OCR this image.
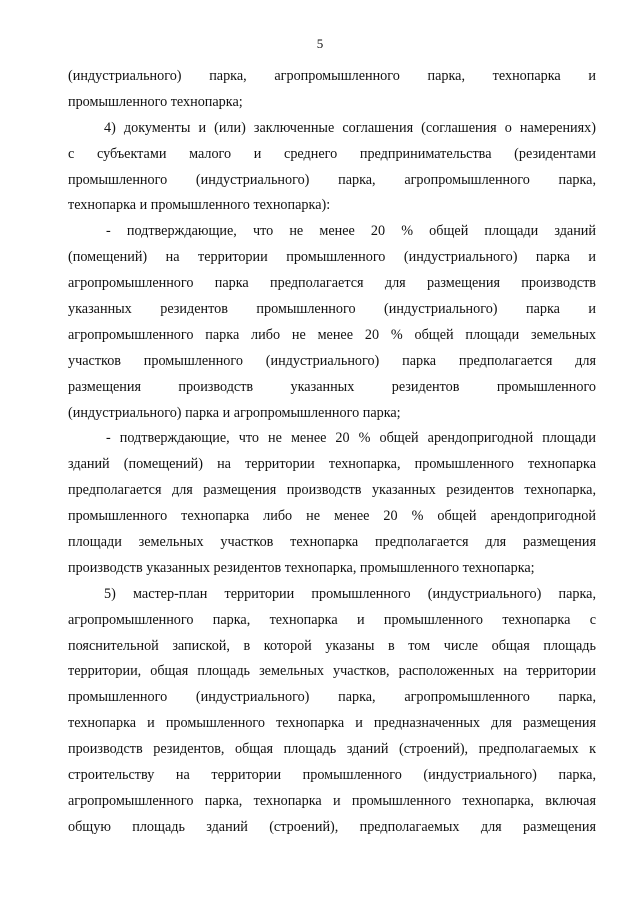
5
(индустриального) парка, агропромышленного парка, технопарка и
промышленного технопарка;
4) документы и (или) заключенные соглашения (соглашения о намерениях)
с субъектами малого и среднего предпринимательства (резидентами
промышленного (индустриального) парка, агропромышленного парка,
технопарка и промышленного технопарка):
- подтверждающие, что не менее 20 % общей площади зданий
(помещений) на территории промышленного (индустриального) парка и
агропромышленного парка предполагается для размещения производств
указанных резидентов промышленного (индустриального) парка и
агропромышленного парка либо не менее 20 % общей площади земельных
участков промышленного (индустриального) парка предполагается для
размещения производств указанных резидентов промышленного
(индустриального) парка и агропромышленного парка;
- подтверждающие, что не менее 20 % общей арендопригодной площади
зданий (помещений) на территории технопарка, промышленного технопарка
предполагается для размещения производств указанных резидентов технопарка,
промышленного технопарка либо не менее 20 % общей арендопригодной
площади земельных участков технопарка предполагается для размещения
производств указанных резидентов технопарка, промышленного технопарка;
5) мастер-план территории промышленного (индустриального) парка,
агропромышленного парка, технопарка и промышленного технопарка с
пояснительной запиской, в которой указаны в том числе общая площадь
территории, общая площадь земельных участков, расположенных на территории
промышленного (индустриального) парка, агропромышленного парка,
технопарка и промышленного технопарка и предназначенных для размещения
производств резидентов, общая площадь зданий (строений), предполагаемых к
строительству на территории промышленного (индустриального) парка,
агропромышленного парка, технопарка и промышленного технопарка, включая
общую площадь зданий (строений), предполагаемых для размещения
